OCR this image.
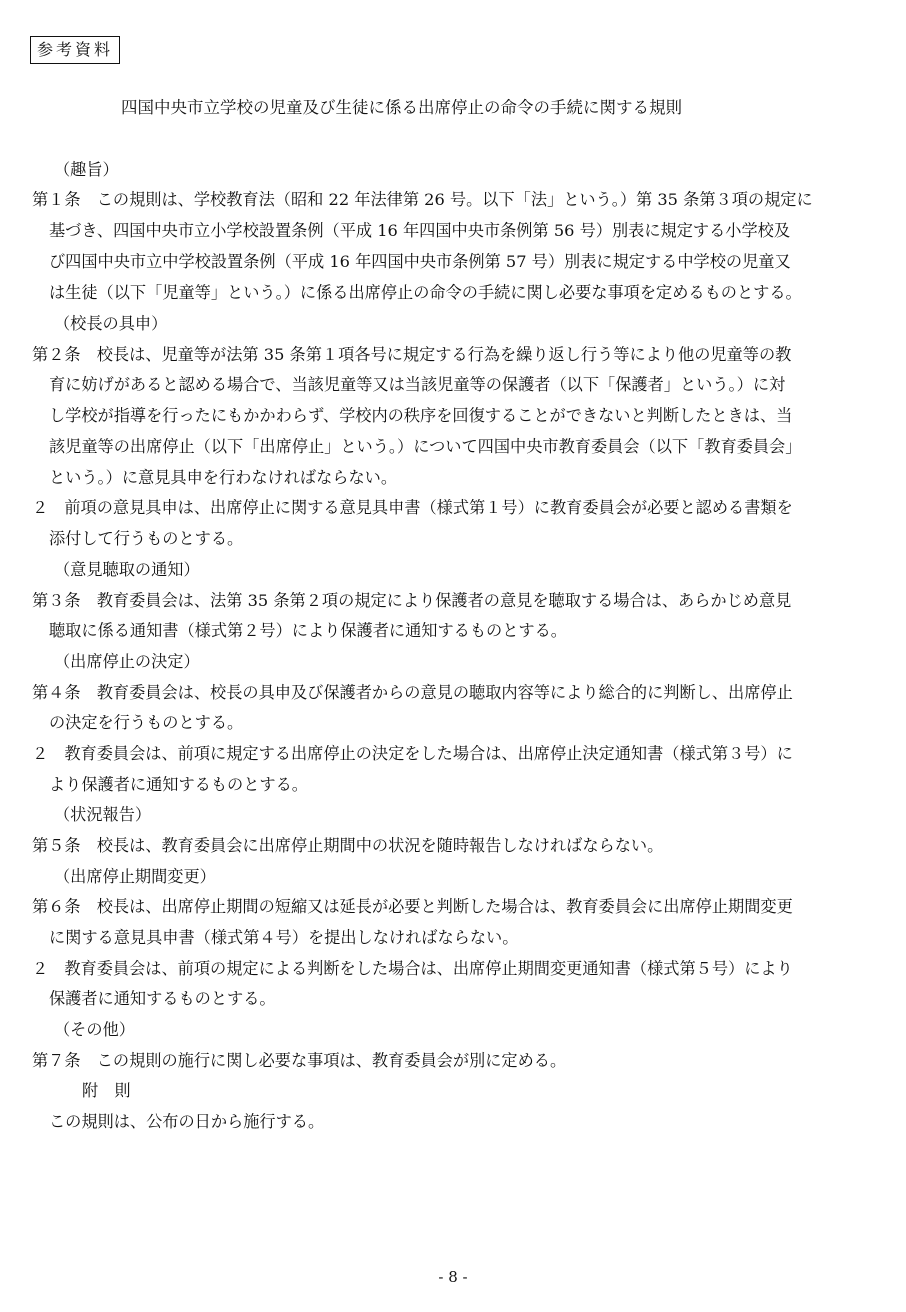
参考資料
四国中央市立学校の児童及び生徒に係る出席停止の命令の手続に関する規則
（趣旨）
第１条　この規則は、学校教育法（昭和 22 年法律第 26 号。以下「法」という。）第 35 条第３項の規定に
基づき、四国中央市立小学校設置条例（平成 16 年四国中央市条例第 56 号）別表に規定する小学校及
び四国中央市立中学校設置条例（平成 16 年四国中央市条例第 57 号）別表に規定する中学校の児童又
は生徒（以下「児童等」という。）に係る出席停止の命令の手続に関し必要な事項を定めるものとする。
（校長の具申）
第２条　校長は、児童等が法第 35 条第１項各号に規定する行為を繰り返し行う等により他の児童等の教
育に妨げがあると認める場合で、当該児童等又は当該児童等の保護者（以下「保護者」という。）に対
し学校が指導を行ったにもかかわらず、学校内の秩序を回復することができないと判断したときは、当
該児童等の出席停止（以下「出席停止」という。）について四国中央市教育委員会（以下「教育委員会」
という。）に意見具申を行わなければならない。
２　前項の意見具申は、出席停止に関する意見具申書（様式第１号）に教育委員会が必要と認める書類を
添付して行うものとする。
（意見聴取の通知）
第３条　教育委員会は、法第 35 条第２項の規定により保護者の意見を聴取する場合は、あらかじめ意見
聴取に係る通知書（様式第２号）により保護者に通知するものとする。
（出席停止の決定）
第４条　教育委員会は、校長の具申及び保護者からの意見の聴取内容等により総合的に判断し、出席停止
の決定を行うものとする。
２　教育委員会は、前項に規定する出席停止の決定をした場合は、出席停止決定通知書（様式第３号）に
より保護者に通知するものとする。
（状況報告）
第５条　校長は、教育委員会に出席停止期間中の状況を随時報告しなければならない。
（出席停止期間変更）
第６条　校長は、出席停止期間の短縮又は延長が必要と判断した場合は、教育委員会に出席停止期間変更
に関する意見具申書（様式第４号）を提出しなければならない。
２　教育委員会は、前項の規定による判断をした場合は、出席停止期間変更通知書（様式第５号）により
保護者に通知するものとする。
（その他）
第７条　この規則の施行に関し必要な事項は、教育委員会が別に定める。
附　則
この規則は、公布の日から施行する。
- 8 -
